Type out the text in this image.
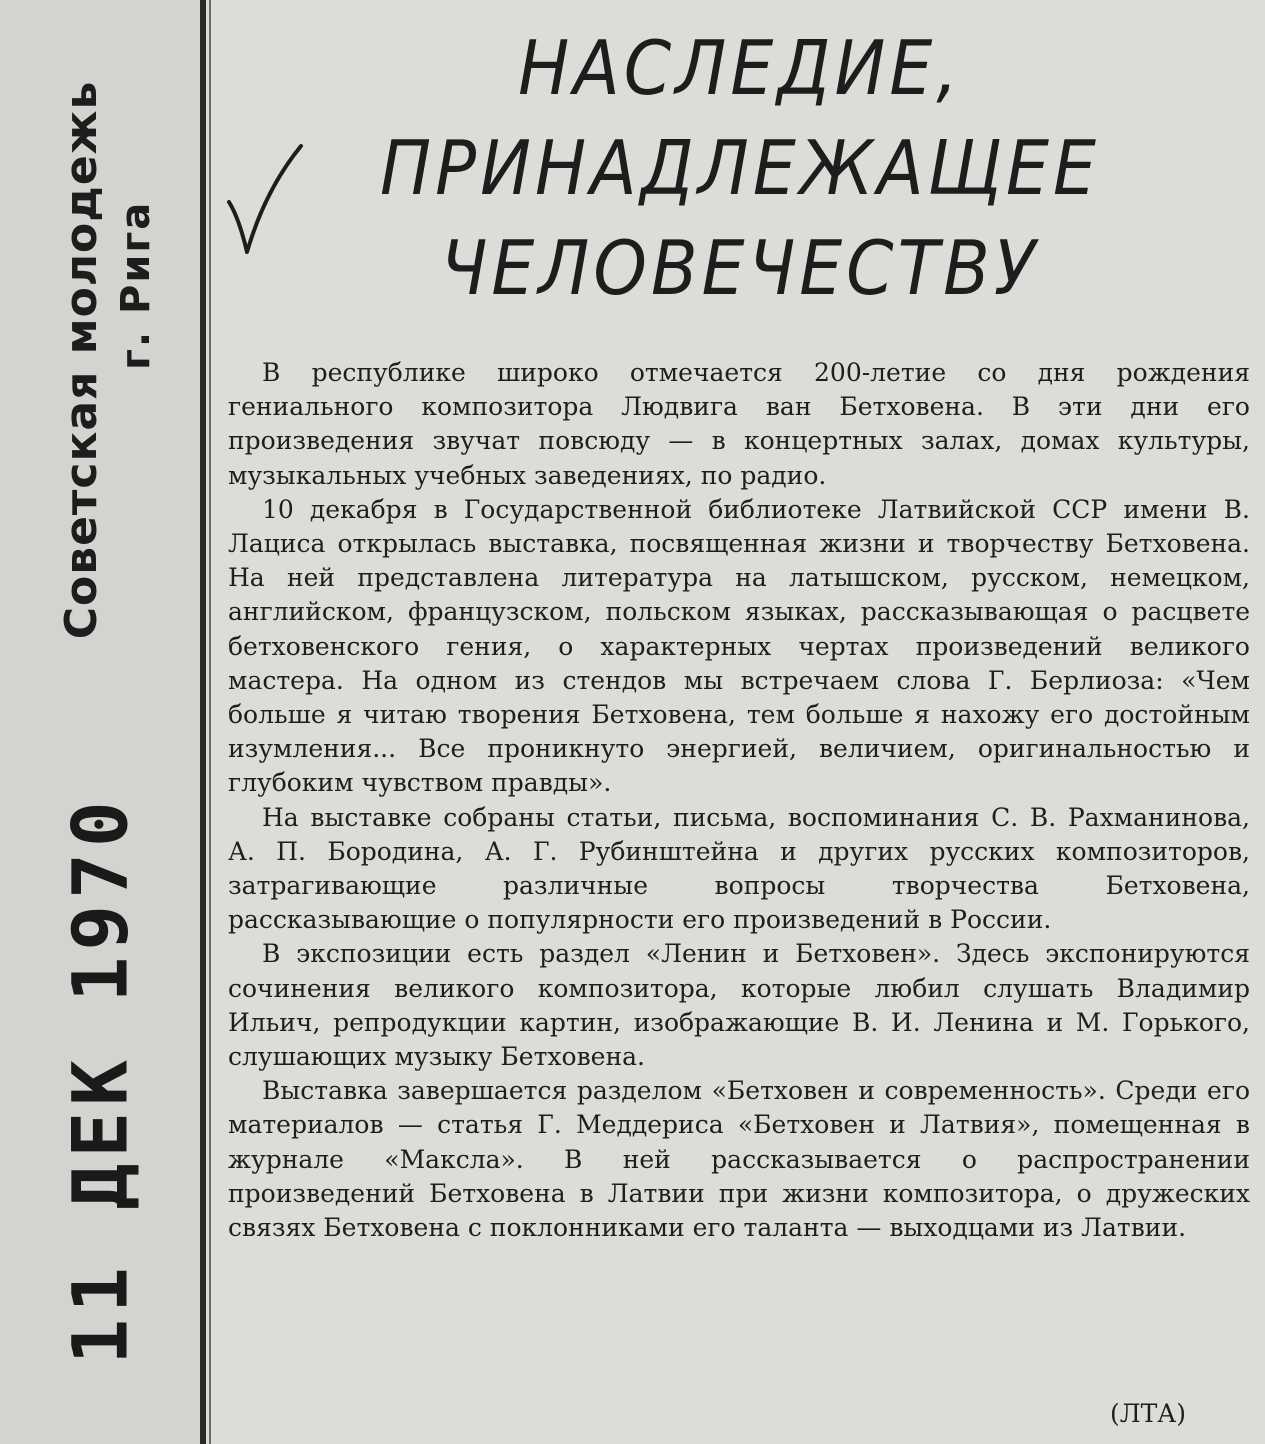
Советская молодежь г. Рига
11 ДЕК 1970
НАСЛЕДИЕ,
ПРИНАДЛЕЖАЩЕЕ
ЧЕЛОВЕЧЕСТВУ

В республике широко отмечается 200-летие со дня рождения гениального композитора Людвига ван Бетховена. В эти дни его произведения звучат повсюду — в концертных залах, домах культуры, музыкальных учебных заведениях, по радио.

10 декабря в Государственной библиотеке Латвийской ССР имени В. Лациса открылась выставка, посвященная жизни и творчеству Бетховена. На ней представлена литература на латышском, русском, немецком, английском, французском, польском языках, рассказывающая о расцвете бетховенского гения, о характерных чертах произведений великого мастера. На одном из стендов мы встречаем слова Г. Берлиоза: «Чем больше я читаю творения Бетховена, тем больше я нахожу его достойным изумления... Все проникнуто энергией, величием, оригинальностью и глубоким чувством правды».

На выставке собраны статьи, письма, воспоминания С. В. Рахманинова, А. П. Бородина, А. Г. Рубинштейна и других русских композиторов, затрагивающие различные вопросы творчества Бетховена, рассказывающие о популярности его произведений в России.

В экспозиции есть раздел «Ленин и Бетховен». Здесь экспонируются сочинения великого композитора, которые любил слушать Владимир Ильич, репродукции картин, изображающие В. И. Ленина и М. Горького, слушающих музыку Бетховена.

Выставка завершается разделом «Бетховен и современность». Среди его материалов — статья Г. Меддериса «Бетховен и Латвия», помещенная в журнале «Максла». В ней рассказывается о распространении произведений Бетховена в Латвии при жизни композитора, о дружеских связях Бетховена с поклонниками его таланта — выходцами из Латвии.

(ЛТА)
